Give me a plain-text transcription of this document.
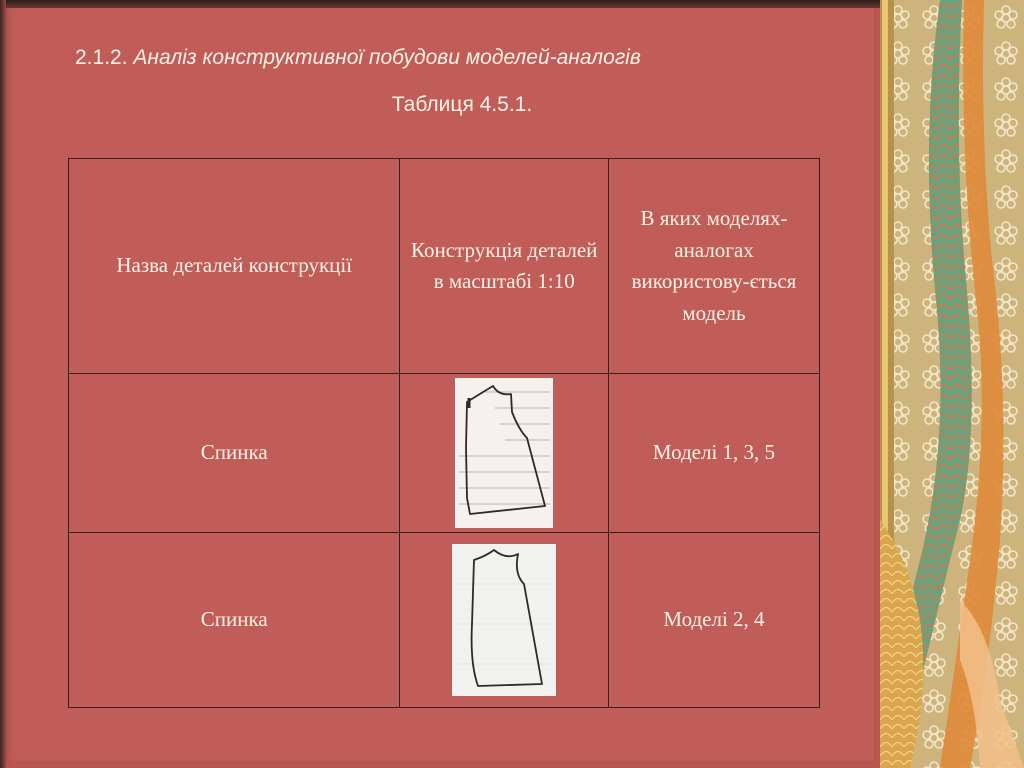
2.1.2. Аналіз конструктивної побудови моделей-аналогів
Таблиця 4.5.1.
Назва деталей конструкції	Конструкція деталей в масштабі 1:10	В яких моделях-аналогах використову-ється модель
Спинка		Моделі 1, 3, 5
Спинка		Моделі 2, 4
